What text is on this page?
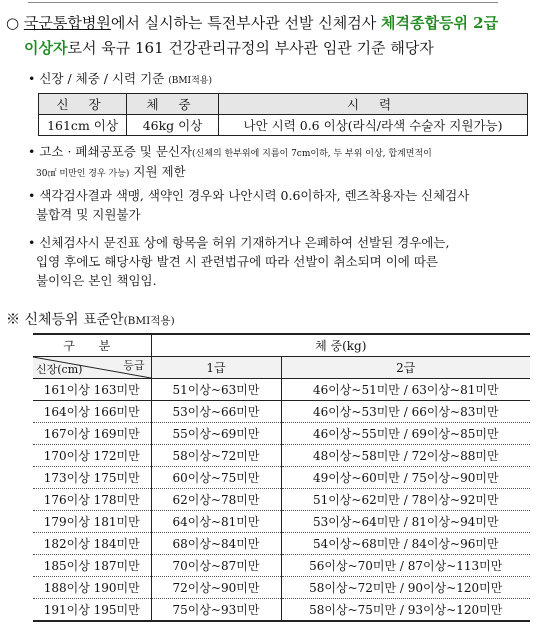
○ 국군통합병원에서 실시하는 특전부사관 선발 신체검사 체격종합등위 2급
이상자로서 육규 161 건강관리규정의 부사관 임관 기준 해당자
• 신장 / 체중 / 시력 기준 (BMI적용)
신 장	체 중	시 력
161cm 이상	46kg 이상	나안 시력 0.6 이상(라식/라색 수술자 지원가능)
• 고소 · 폐쇄공포증 및 문신자(신체의 한부위에 지름이 7cm이하, 두 부위 이상, 합계면적이
30㎠ 미만인 경우 가능) 지원 제한
• 색각검사결과 색맹, 색약인 경우와 나안시력 0.6이하자, 렌즈착용자는 신체검사
불합격 및 지원불가
• 신체검사시 문진표 상에 항목을 허위 기재하거나 은폐하여 선발된 경우에는,
입영 후에도 해당사항 발견 시 관련법규에 따라 선발이 취소되며 이에 따른
불이익은 본인 책임임.
※ 신체등위 표준안(BMI적용)
구 분	체 중(kg)	

등급
신장(cm)	1급	2급
161이상 163미만	51이상~63미만	46이상~51미만 / 63이상~81미만
164이상 166미만	53이상~66미만	46이상~53미만 / 66이상~83미만
167이상 169미만	55이상~69미만	46이상~55미만 / 69이상~85미만
170이상 172미만	58이상~72미만	48이상~58미만 / 72이상~88미만
173이상 175미만	60이상~75미만	49이상~60미만 / 75이상~90미만
176이상 178미만	62이상~78미만	51이상~62미만 / 78이상~92미만
179이상 181미만	64이상~81미만	53이상~64미만 / 81이상~94미만
182이상 184미만	68이상~84미만	54이상~68미만 / 84이상~96미만
185이상 187미만	70이상~87미만	56이상~70미만 / 87이상~113미만
188이상 190미만	72이상~90미만	58이상~72미만 / 90이상~120미만
191이상 195미만	75이상~93미만	58이상~75미만 / 93이상~120미만
